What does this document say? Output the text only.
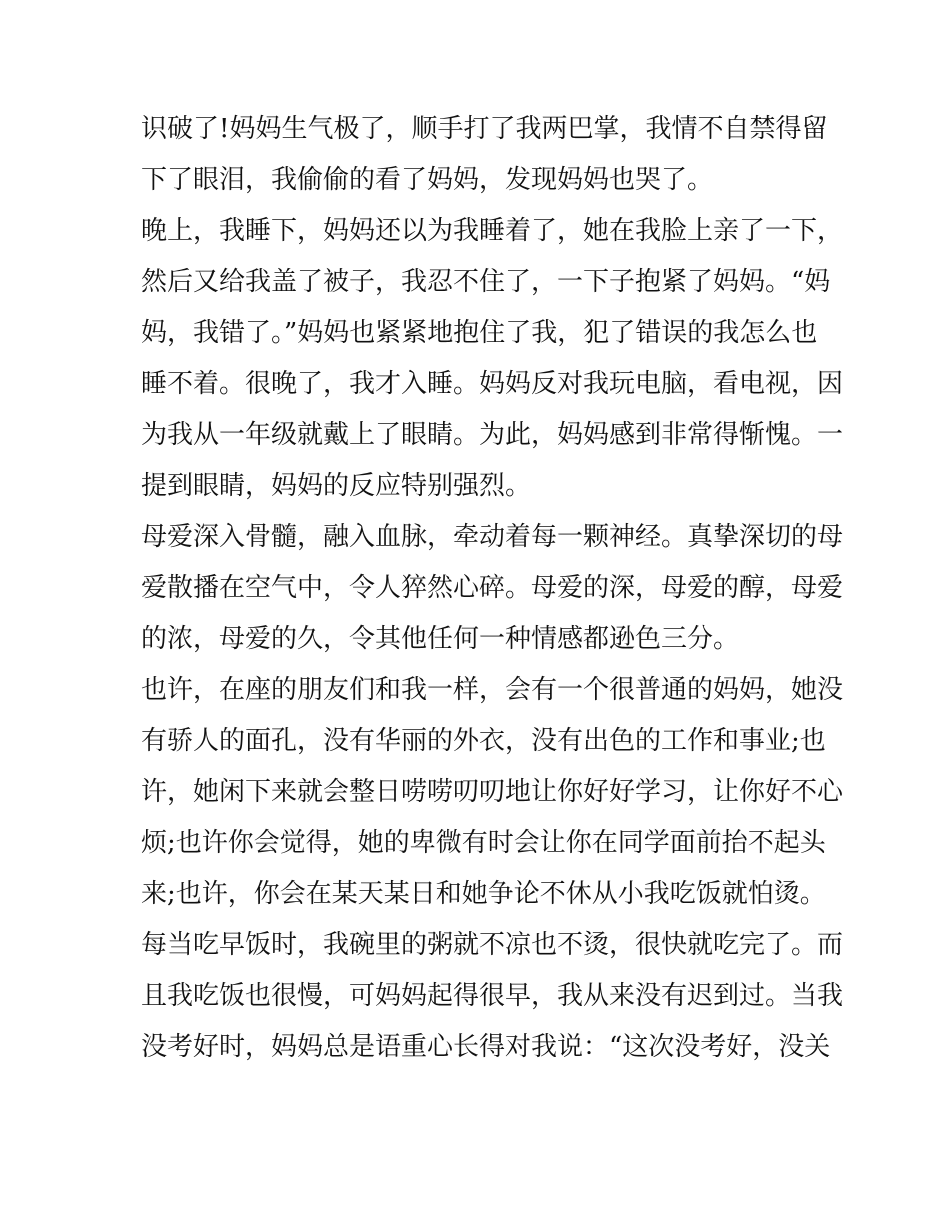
识破了!妈妈生气极了，顺手打了我两巴掌，我情不自禁得留
下了眼泪，我偷偷的看了妈妈，发现妈妈也哭了。
晚上，我睡下，妈妈还以为我睡着了，她在我脸上亲了一下，
然后又给我盖了被子，我忍不住了，一下子抱紧了妈妈。“妈
妈，我错了。”妈妈也紧紧地抱住了我，犯了错误的我怎么也
睡不着。很晚了，我才入睡。妈妈反对我玩电脑，看电视，因
为我从一年级就戴上了眼睛。为此，妈妈感到非常得惭愧。一
提到眼睛，妈妈的反应特别强烈。
母爱深入骨髓，融入血脉，牵动着每一颗神经。真挚深切的母
爱散播在空气中，令人猝然心碎。母爱的深，母爱的醇，母爱
的浓，母爱的久，令其他任何一种情感都逊色三分。
也许，在座的朋友们和我一样，会有一个很普通的妈妈，她没
有骄人的面孔，没有华丽的外衣，没有出色的工作和事业;也
许，她闲下来就会整日唠唠叨叨地让你好好学习，让你好不心
烦;也许你会觉得，她的卑微有时会让你在同学面前抬不起头
来;也许，你会在某天某日和她争论不休从小我吃饭就怕烫。
每当吃早饭时，我碗里的粥就不凉也不烫，很快就吃完了。而
且我吃饭也很慢，可妈妈起得很早，我从来没有迟到过。当我
没考好时，妈妈总是语重心长得对我说：“这次没考好，没关
